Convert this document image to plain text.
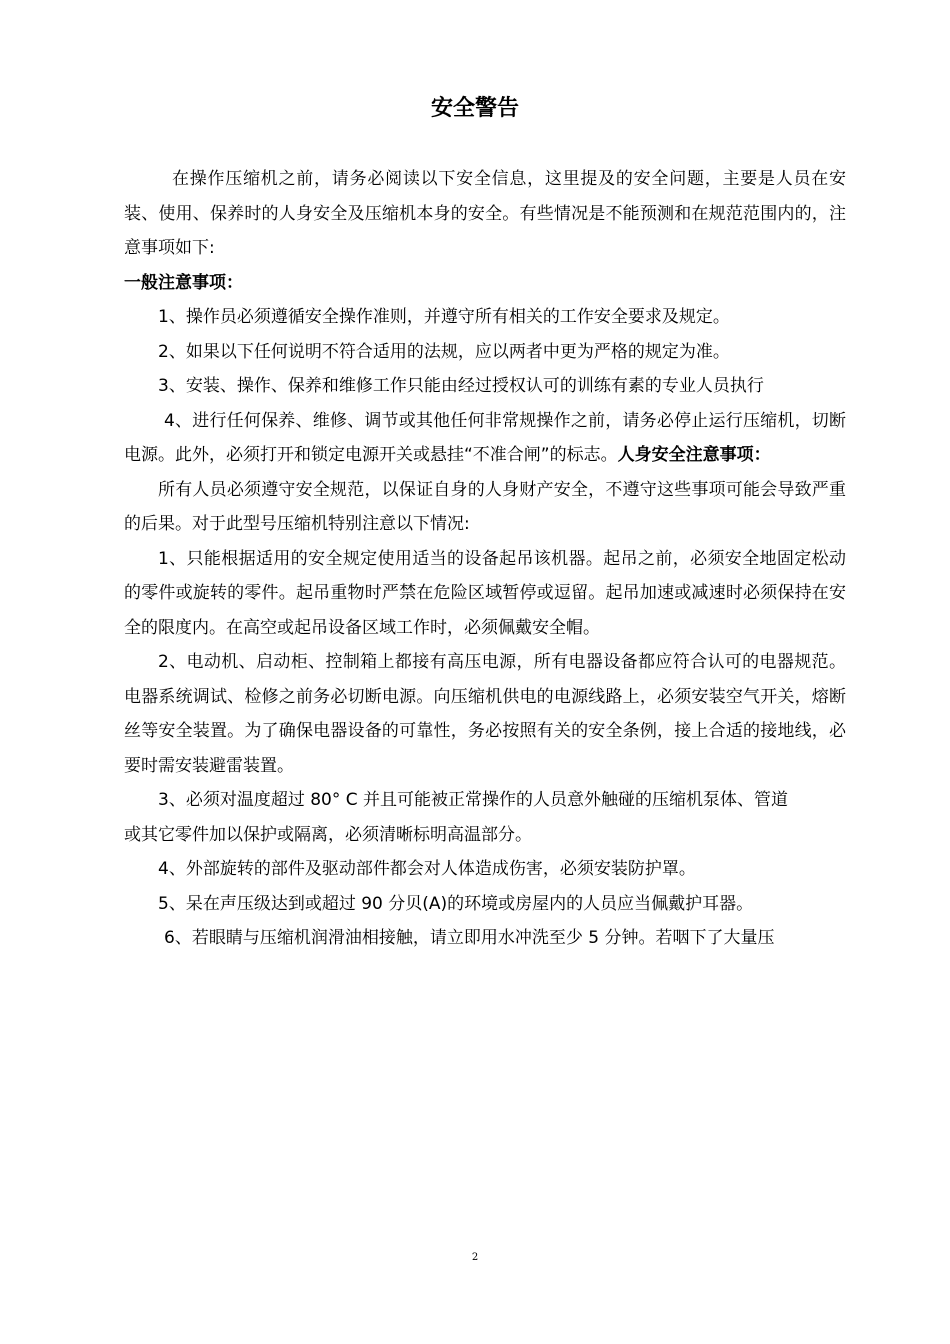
安全警告

在操作压缩机之前，请务必阅读以下安全信息，这里提及的安全问题，主要是人员在安装、使用、保养时的人身安全及压缩机本身的安全。有些情况是不能预测和在规范范围内的，注意事项如下:

一般注意事项：

1、操作员必须遵循安全操作准则，并遵守所有相关的工作安全要求及规定。

2、如果以下任何说明不符合适用的法规，应以两者中更为严格的规定为准。

3、安装、操作、保养和维修工作只能由经过授权认可的训练有素的专业人员执行

4、进行任何保养、维修、调节或其他任何非常规操作之前，请务必停止运行压缩机，切断电源。此外，必须打开和锁定电源开关或悬挂“不准合闸”的标志。人身安全注意事项：

所有人员必须遵守安全规范，以保证自身的人身财产安全，不遵守这些事项可能会导致严重的后果。对于此型号压缩机特别注意以下情况:

1、只能根据适用的安全规定使用适当的设备起吊该机器。起吊之前，必须安全地固定松动的零件或旋转的零件。起吊重物时严禁在危险区域暂停或逗留。起吊加速或减速时必须保持在安全的限度内。在高空或起吊设备区域工作时，必须佩戴安全帽。

2、电动机、启动柜、控制箱上都接有高压电源，所有电器设备都应符合认可的电器规范。电器系统调试、检修之前务必切断电源。向压缩机供电的电源线路上，必须安装空气开关，熔断丝等安全装置。为了确保电器设备的可靠性，务必按照有关的安全条例，接上合适的接地线，必要时需安装避雷装置。

3、必须对温度超过 80° C 并且可能被正常操作的人员意外触碰的压缩机泵体、管道

或其它零件加以保护或隔离，必须清晰标明高温部分。

4、外部旋转的部件及驱动部件都会对人体造成伤害，必须安装防护罩。

5、呆在声压级达到或超过 90 分贝(A)的环境或房屋内的人员应当佩戴护耳器。

6、若眼睛与压缩机润滑油相接触，请立即用水冲洗至少 5 分钟。若咽下了大量压

2
